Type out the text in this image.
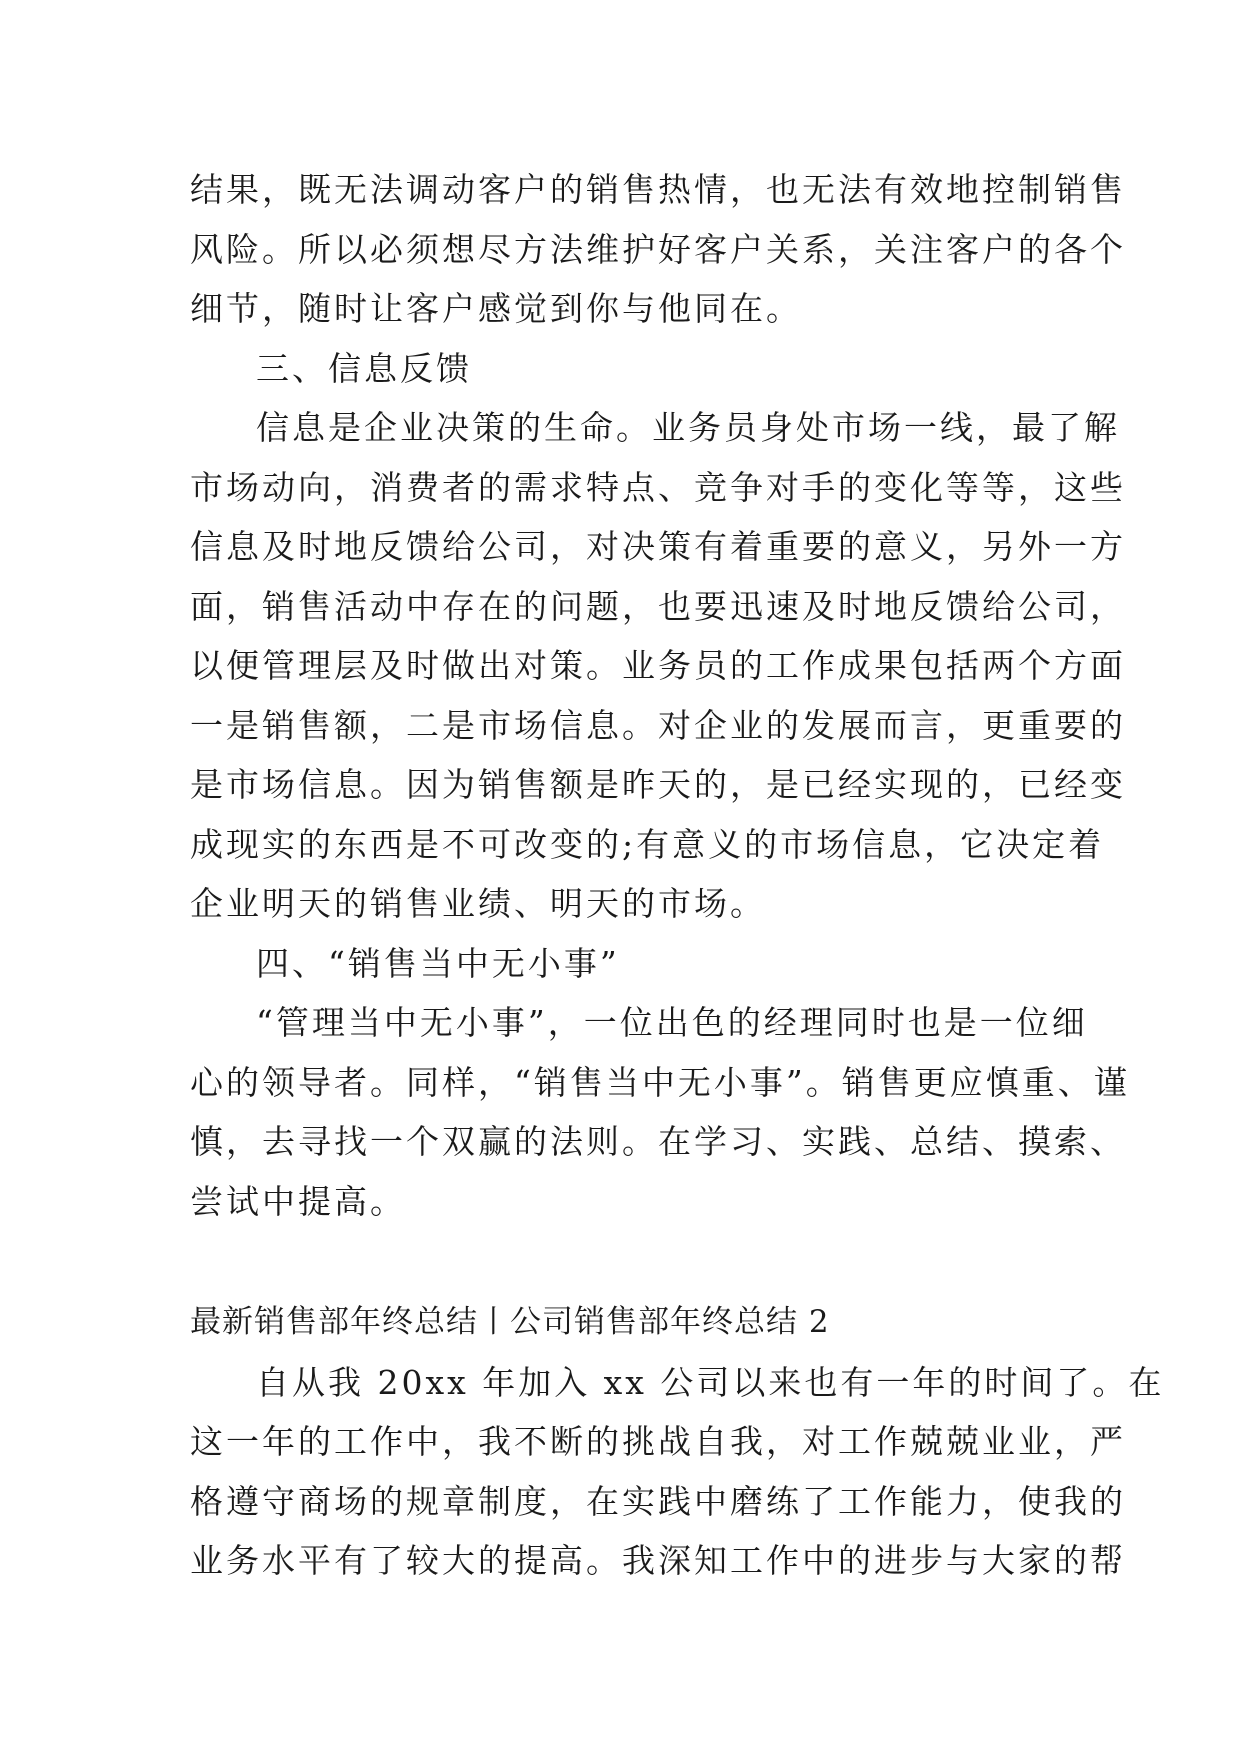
结果，既无法调动客户的销售热情，也无法有效地控制销售
风险。所以必须想尽方法维护好客户关系，关注客户的各个
细节，随时让客户感觉到你与他同在。
三、信息反馈
信息是企业决策的生命。业务员身处市场一线，最了解
市场动向，消费者的需求特点、竞争对手的变化等等，这些
信息及时地反馈给公司，对决策有着重要的意义，另外一方
面，销售活动中存在的问题，也要迅速及时地反馈给公司，
以便管理层及时做出对策。业务员的工作成果包括两个方面
一是销售额，二是市场信息。对企业的发展而言，更重要的
是市场信息。因为销售额是昨天的，是已经实现的，已经变
成现实的东西是不可改变的;有意义的市场信息，它决定着
企业明天的销售业绩、明天的市场。
四、“销售当中无小事”
“管理当中无小事”，一位出色的经理同时也是一位细
心的领导者。同样，“销售当中无小事”。销售更应慎重、谨
慎，去寻找一个双赢的法则。在学习、实践、总结、摸索、
尝试中提高。
最新销售部年终总结丨公司销售部年终总结 2
自从我 20xx 年加入 xx 公司以来也有一年的时间了。在
这一年的工作中，我不断的挑战自我，对工作兢兢业业，严
格遵守商场的规章制度，在实践中磨练了工作能力，使我的
业务水平有了较大的提高。我深知工作中的进步与大家的帮
